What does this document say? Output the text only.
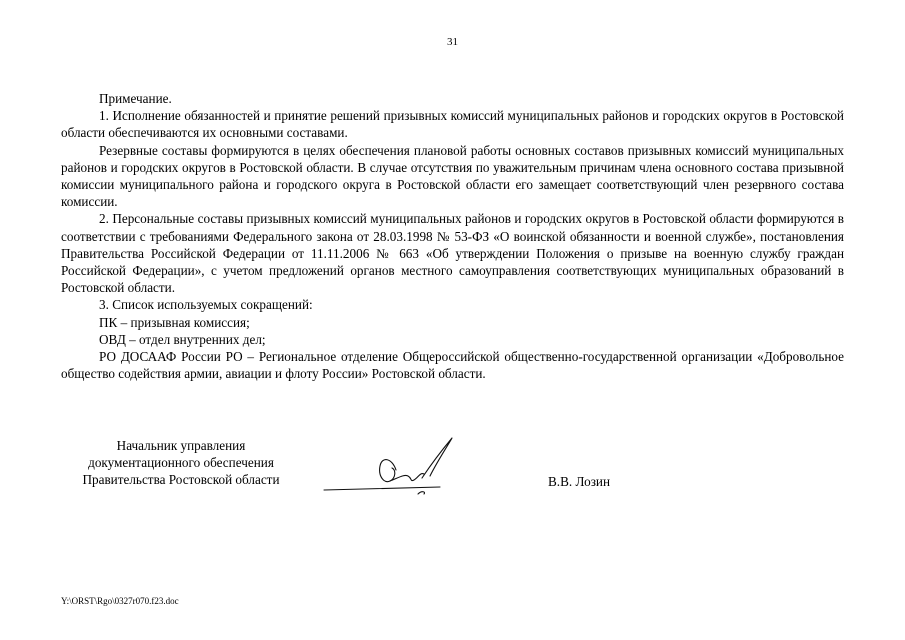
31

Примечание.

1. Исполнение обязанностей и принятие решений призывных комиссий муниципальных районов и городских округов в Ростовской области обеспечиваются их основными составами.

Резервные составы формируются в целях обеспечения плановой работы основных составов призывных комиссий муниципальных районов и городских округов в Ростовской области. В случае отсутствия по уважительным причинам члена основного состава призывной комиссии муниципального района и городского округа в Ростовской области его замещает соответствующий член резервного состава комиссии.

2. Персональные составы призывных комиссий муниципальных районов и городских округов в Ростовской области формируются в соответствии с требованиями Федерального закона от 28.03.1998 № 53-ФЗ «О воинской обязанности и военной службе», постановления Правительства Российской Федерации от 11.11.2006 № 663 «Об утверждении Положения о призыве на военную службу граждан Российской Федерации», с учетом предложений органов местного самоуправления соответствующих муниципальных образований в Ростовской области.

3. Список используемых сокращений:

ПК – призывная комиссия;

ОВД – отдел внутренних дел;

РО ДОСААФ России РО – Региональное отделение Общероссийской общественно-государственной организации «Добровольное общество содействия армии, авиации и флоту России» Ростовской области.

Начальник управления
документационного обеспечения
Правительства Ростовской области	В.В. Лозин
Y:\ORST\Rgo\0327r070.f23.doc
